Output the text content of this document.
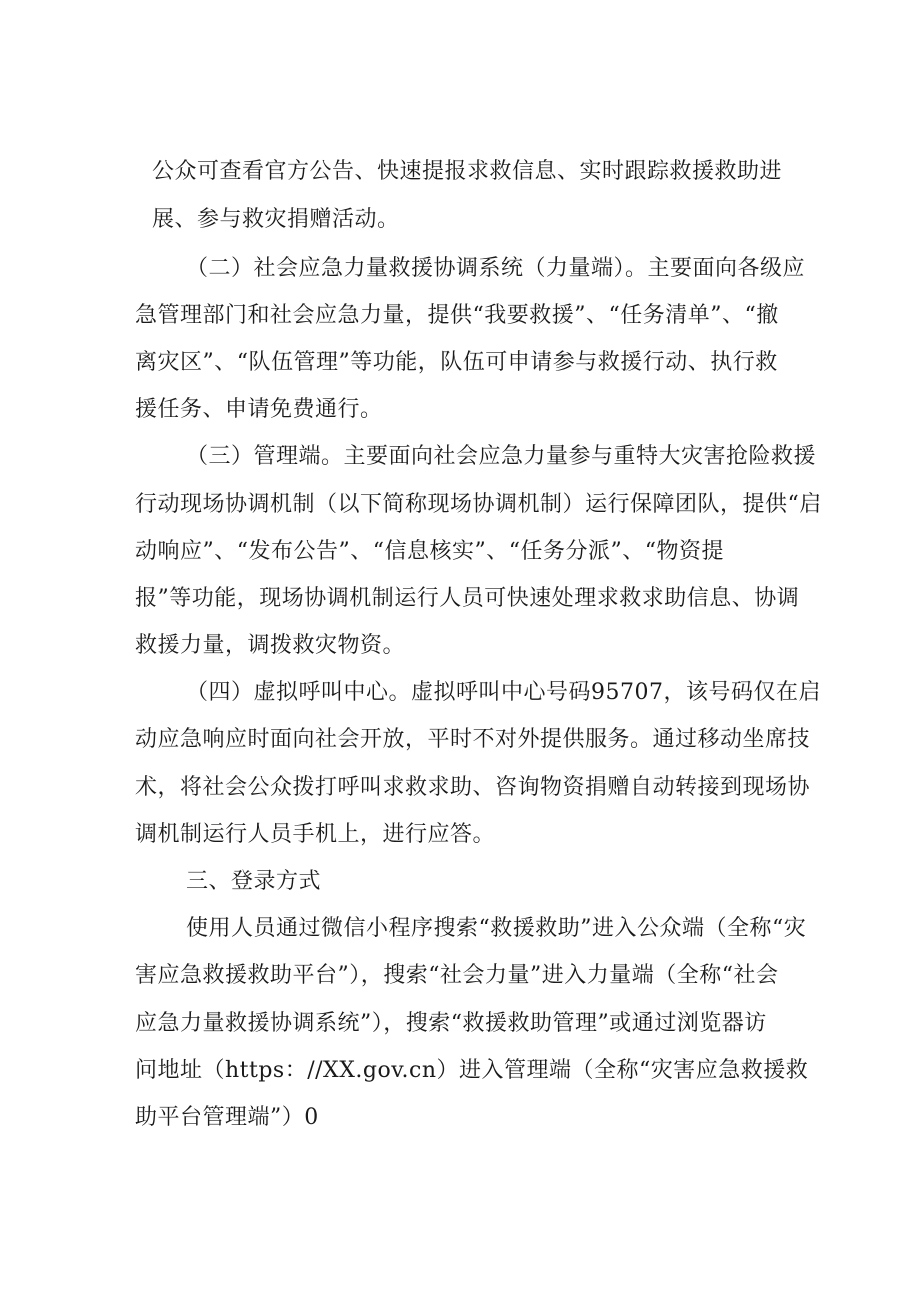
公众可查看官方公告、快速提报求救信息、实时跟踪救援救助进
展、参与救灾捐赠活动。
（二）社会应急力量救援协调系统（力量端）。主要面向各级应
急管理部门和社会应急力量，提供“我要救援”、“任务清单”、“撤
离灾区”、“队伍管理”等功能，队伍可申请参与救援行动、执行救
援任务、申请免费通行。
（三）管理端。主要面向社会应急力量参与重特大灾害抢险救援
行动现场协调机制（以下简称现场协调机制）运行保障团队，提供“启
动响应”、“发布公告”、“信息核实”、“任务分派”、“物资提
报”等功能，现场协调机制运行人员可快速处理求救求助信息、协调
救援力量，调拨救灾物资。
（四）虚拟呼叫中心。虚拟呼叫中心号码95707，该号码仅在启
动应急响应时面向社会开放，平时不对外提供服务。通过移动坐席技
术，将社会公众拨打呼叫求救求助、咨询物资捐赠自动转接到现场协
调机制运行人员手机上，进行应答。
三、登录方式
使用人员通过微信小程序搜索“救援救助”进入公众端（全称“灾
害应急救援救助平台”），搜索“社会力量”进入力量端（全称“社会
应急力量救援协调系统”），搜索“救援救助管理”或通过浏览器访
问地址（https：//XX.gov.cn）进入管理端（全称“灾害应急救援救
助平台管理端”）0
